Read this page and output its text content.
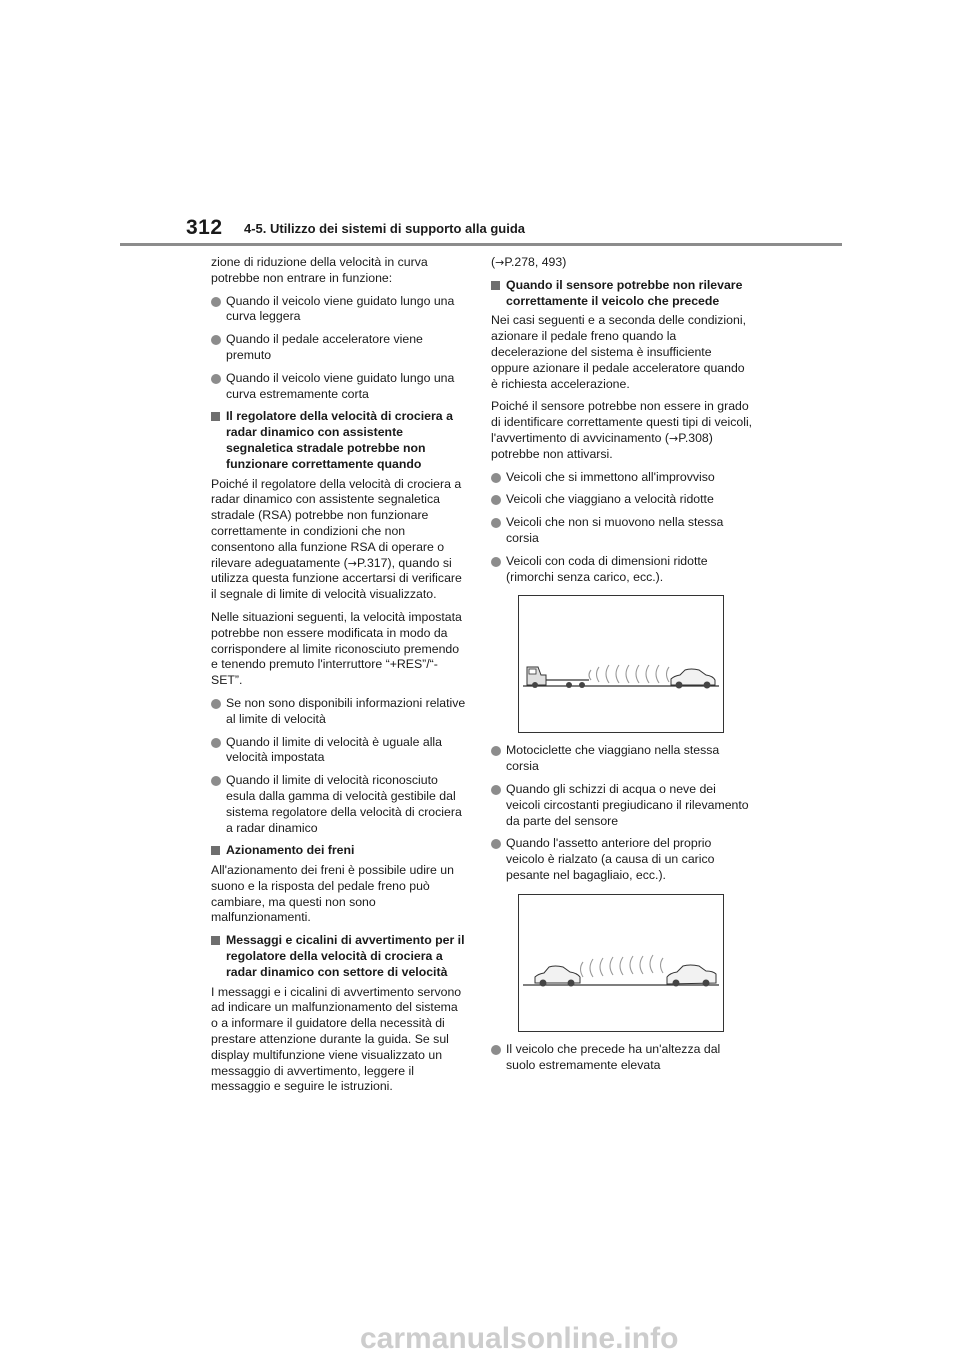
312 4-5. Utilizzo dei sistemi di supporto alla guida

zione di riduzione della velocità in curva potrebbe non entrare in funzione:

Quando il veicolo viene guidato lungo una curva leggera
Quando il pedale acceleratore viene premuto
Quando il veicolo viene guidato lungo una curva estremamente corta
Il regolatore della velocità di crociera a radar dinamico con assistente segnaletica stradale potrebbe non funzionare correttamente quando

Poiché il regolatore della velocità di crociera a radar dinamico con assistente segnaletica stradale (RSA) potrebbe non funzionare correttamente in condizioni che non consentono alla funzione RSA di operare o rilevare adeguatamente (→P.317), quando si utilizza questa funzione accertarsi di verificare il segnale di limite di velocità visualizzato.

Nelle situazioni seguenti, la velocità impostata potrebbe non essere modificata in modo da corrispondere al limite riconosciuto premendo e tenendo premuto l'interruttore “+RES”/“-SET”.

Se non sono disponibili informazioni relative al limite di velocità
Quando il limite di velocità è uguale alla velocità impostata
Quando il limite di velocità riconosciuto esula dalla gamma di velocità gestibile dal sistema regolatore della velocità di crociera a radar dinamico
Azionamento dei freni

All'azionamento dei freni è possibile udire un suono e la risposta del pedale freno può cambiare, ma questi non sono malfunzionamenti.

Messaggi e cicalini di avvertimento per il regolatore della velocità di crociera a radar dinamico con settore di velocità

I messaggi e i cicalini di avvertimento servono ad indicare un malfunzionamento del sistema o a informare il guidatore della necessità di prestare attenzione durante la guida. Se sul display multifunzione viene visualizzato un messaggio di avvertimento, leggere il messaggio e seguire le istruzioni.

(→P.278, 493)

Quando il sensore potrebbe non rilevare correttamente il veicolo che precede

Nei casi seguenti e a seconda delle condizioni, azionare il pedale freno quando la decelerazione del sistema è insufficiente oppure azionare il pedale acceleratore quando è richiesta accelerazione.

Poiché il sensore potrebbe non essere in grado di identificare correttamente questi tipi di veicoli, l'avvertimento di avvicinamento (→P.308) potrebbe non attivarsi.

Veicoli che si immettono all'improvviso
Veicoli che viaggiano a velocità ridotte
Veicoli che non si muovono nella stessa corsia
Veicoli con coda di dimensioni ridotte (rimorchi senza carico, ecc.).
Motociclette che viaggiano nella stessa corsia
Quando gli schizzi di acqua o neve dei veicoli circostanti pregiudicano il rilevamento da parte del sensore
Quando l'assetto anteriore del proprio veicolo è rialzato (a causa di un carico pesante nel bagagliaio, ecc.).
Il veicolo che precede ha un'altezza dal suolo estremamente elevata
carmanualsonline.info
